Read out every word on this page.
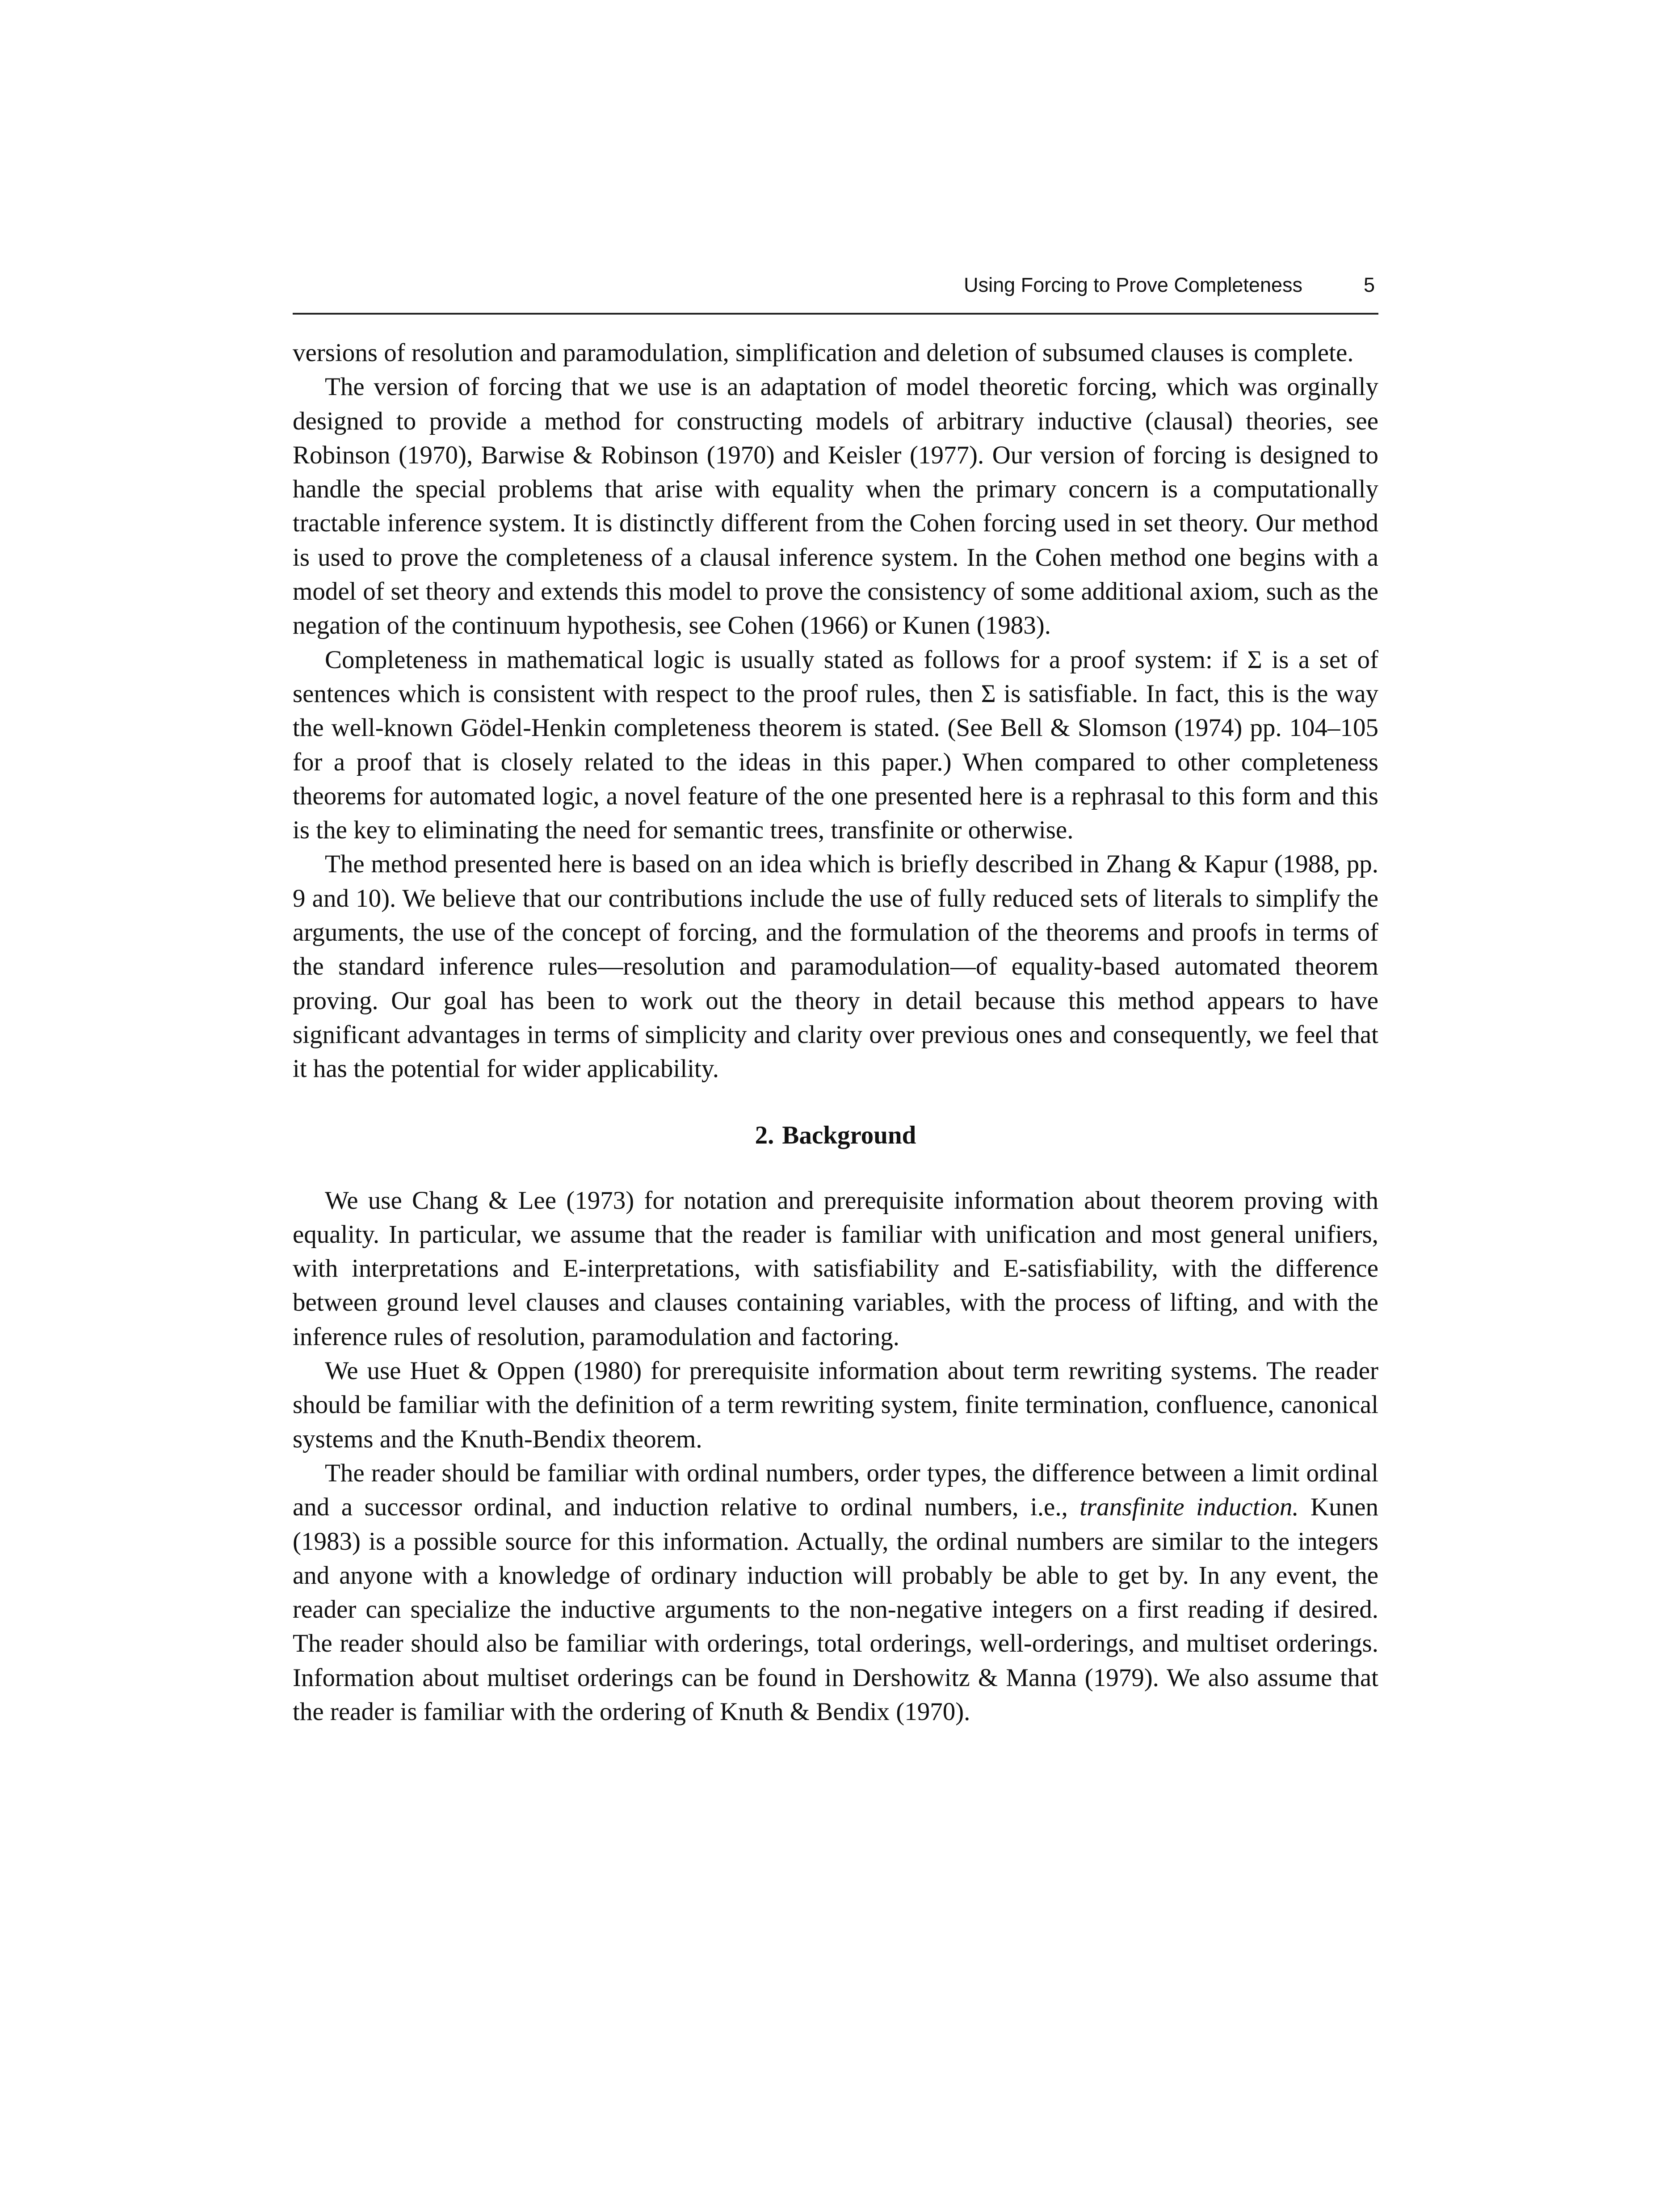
Using Forcing to Prove Completeness	5

versions of resolution and paramodulation, simplification and deletion of subsumed clauses is complete.

The version of forcing that we use is an adaptation of model theoretic forcing, which was orginally designed to provide a method for constructing models of arbitrary inductive (clausal) theories, see Robinson (1970), Barwise & Robinson (1970) and Keisler (1977). Our version of forcing is designed to handle the special problems that arise with equality when the primary concern is a computationally tractable inference system. It is distinctly different from the Cohen forcing used in set theory. Our method is used to prove the completeness of a clausal inference system. In the Cohen method one begins with a model of set theory and extends this model to prove the consistency of some additional axiom, such as the negation of the continuum hypothesis, see Cohen (1966) or Kunen (1983).

Completeness in mathematical logic is usually stated as follows for a proof system: if Σ is a set of sentences which is consistent with respect to the proof rules, then Σ is satisfiable. In fact, this is the way the well-known Gödel-Henkin completeness theorem is stated. (See Bell & Slomson (1974) pp. 104–105 for a proof that is closely related to the ideas in this paper.) When compared to other completeness theorems for automated logic, a novel feature of the one presented here is a rephrasal to this form and this is the key to eliminating the need for semantic trees, transfinite or otherwise.

The method presented here is based on an idea which is briefly described in Zhang & Kapur (1988, pp. 9 and 10). We believe that our contributions include the use of fully reduced sets of literals to simplify the arguments, the use of the concept of forcing, and the formulation of the theorems and proofs in terms of the standard inference rules—resolution and paramodulation—of equality-based automated theorem proving. Our goal has been to work out the theory in detail because this method appears to have significant advantages in terms of simplicity and clarity over previous ones and consequently, we feel that it has the potential for wider applicability.

2. Background

We use Chang & Lee (1973) for notation and prerequisite information about theorem proving with equality. In particular, we assume that the reader is familiar with unification and most general unifiers, with interpretations and E-interpretations, with satisfiability and E-satisfiability, with the difference between ground level clauses and clauses containing variables, with the process of lifting, and with the inference rules of resolution, paramodulation and factoring.

We use Huet & Oppen (1980) for prerequisite information about term rewriting systems. The reader should be familiar with the definition of a term rewriting system, finite termination, confluence, canonical systems and the Knuth-Bendix theorem.

The reader should be familiar with ordinal numbers, order types, the difference between a limit ordinal and a successor ordinal, and induction relative to ordinal numbers, i.e., transfinite induction. Kunen (1983) is a possible source for this information. Actually, the ordinal numbers are similar to the integers and anyone with a knowledge of ordinary induction will probably be able to get by. In any event, the reader can specialize the inductive arguments to the non-negative integers on a first reading if desired. The reader should also be familiar with orderings, total orderings, well-orderings, and multiset orderings. Information about multiset orderings can be found in Dershowitz & Manna (1979). We also assume that the reader is familiar with the ordering of Knuth & Bendix (1970).
